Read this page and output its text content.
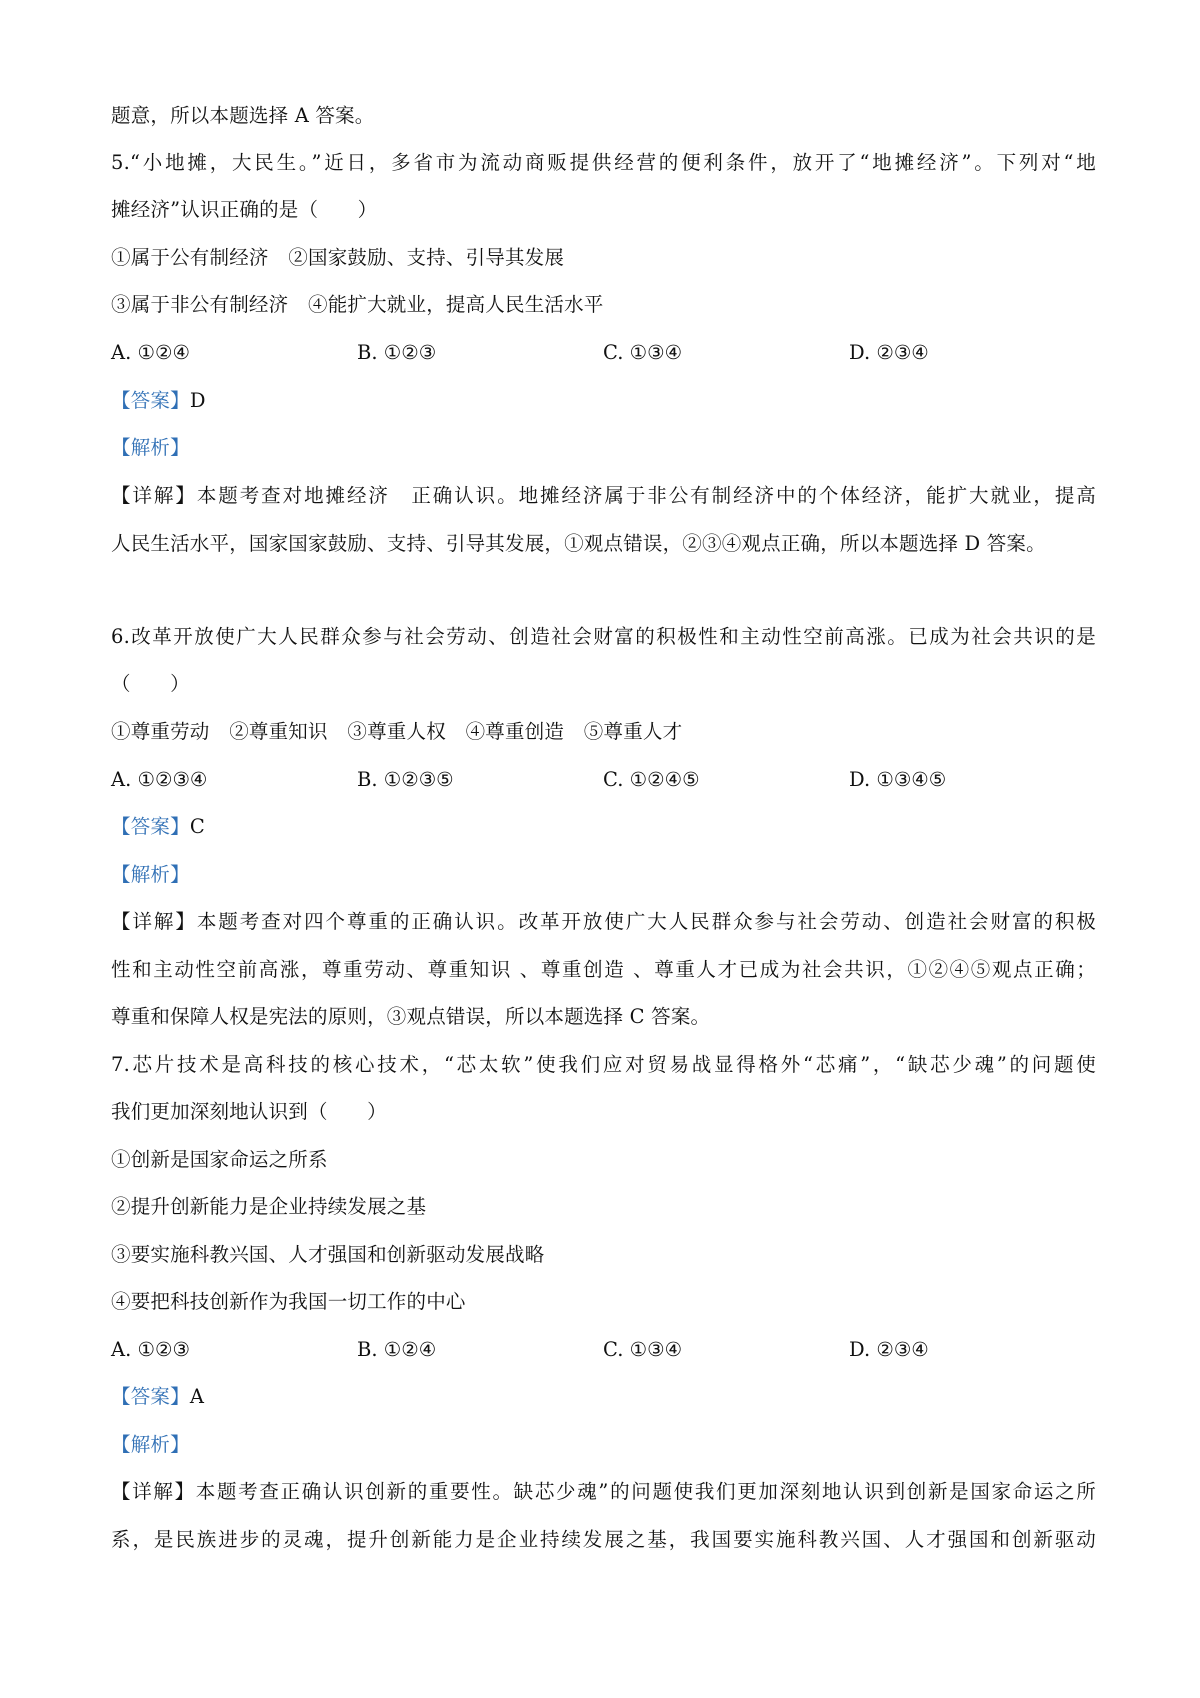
题意，所以本题选择 A 答案。
5.“小地摊，大民生。”近日，多省市为流动商贩提供经营的便利条件，放开了“地摊经济”。下列对“地
摊经济”认识正确的是（　　）
①属于公有制经济　②国家鼓励、支持、引导其发展
③属于非公有制经济　④能扩大就业，提高人民生活水平
A. ①②④	B. ①②③	C. ①③④	D. ②③④
【答案】D
【解析】
【详解】本题考查对地摊经济　正确认识。地摊经济属于非公有制经济中的个体经济，能扩大就业，提高
人民生活水平，国家国家鼓励、支持、引导其发展，①观点错误，②③④观点正确，所以本题选择 D 答案。
6.改革开放使广大人民群众参与社会劳动、创造社会财富的积极性和主动性空前高涨。已成为社会共识的是
（　　）
①尊重劳动　②尊重知识　③尊重人权　④尊重创造　⑤尊重人才
A. ①②③④	B. ①②③⑤	C. ①②④⑤	D. ①③④⑤
【答案】C
【解析】
【详解】本题考查对四个尊重的正确认识。改革开放使广大人民群众参与社会劳动、创造社会财富的积极
性和主动性空前高涨，尊重劳动、尊重知识 、尊重创造 、尊重人才已成为社会共识，①②④⑤观点正确；
尊重和保障人权是宪法的原则，③观点错误，所以本题选择 C 答案。
7.芯片技术是高科技的核心技术，“芯太软”使我们应对贸易战显得格外“芯痛”，“缺芯少魂”的问题使
我们更加深刻地认识到（　　）
①创新是国家命运之所系
②提升创新能力是企业持续发展之基
③要实施科教兴国、人才强国和创新驱动发展战略
④要把科技创新作为我国一切工作的中心
A. ①②③	B. ①②④	C. ①③④	D. ②③④
【答案】A
【解析】
【详解】本题考查正确认识创新的重要性。缺芯少魂”的问题使我们更加深刻地认识到创新是国家命运之所
系，是民族进步的灵魂，提升创新能力是企业持续发展之基，我国要实施科教兴国、人才强国和创新驱动
